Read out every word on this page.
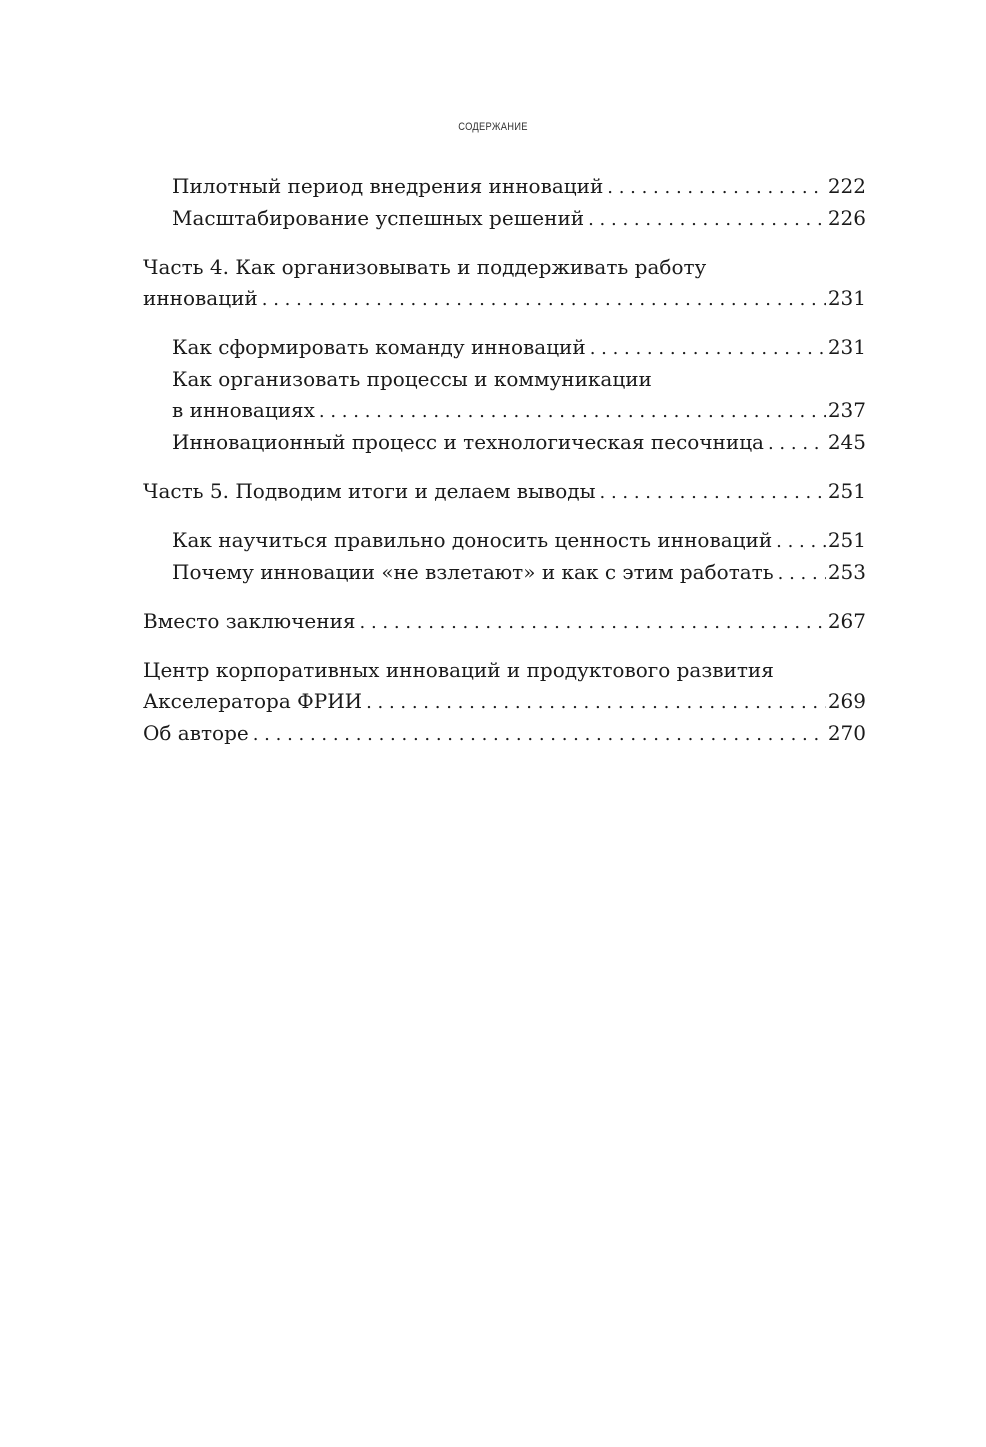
СОДЕРЖАНИЕ
Пилотный период внедрения инноваций . . .	222
Масштабирование успешных решений . . .	226
Часть 4. Как организовывать и поддерживать работу
инноваций . . .	231
Как сформировать команду инноваций . . .	231
Как организовать процессы и коммуникации
в инновациях . . .	237
Инновационный процесс и технологическая песочница . . .	245
Часть 5. Подводим итоги и делаем выводы . . .	251
Как научиться правильно доносить ценность инноваций . . .	251
Почему инновации «не взлетают» и как с этим работать . . .	253
Вместо заключения . . .	267
Центр корпоративных инноваций и продуктового развития
Акселератора ФРИИ . . .	269
Об авторе . . .	270
